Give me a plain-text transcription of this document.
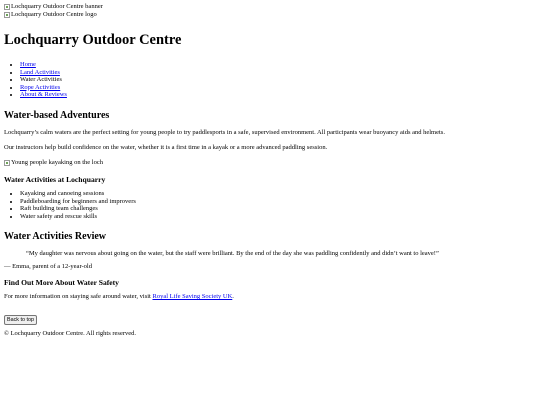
Lochquarry Outdoor Centre banner
Lochquarry Outdoor Centre logo
Lochquarry Outdoor Centre
• Home
• Land Activities
• Water Activities
• Rope Activities
• About & Reviews
Water-based Adventures

Lochquarry’s calm waters are the perfect setting for young people to try paddlesports in a safe, supervised environment. All participants wear buoyancy aids and helmets.

Our instructors help build confidence on the water, whether it is a first time in a kayak or a more advanced paddling session.

Young people kayaking on the loch
Water Activities at Lochquarry
• Kayaking and canoeing sessions
• Paddleboarding for beginners and improvers
• Raft building team challenges
• Water safety and rescue skills
Water Activities Review
“My daughter was nervous about going on the water, but the staff were brilliant. By the end of the day she was paddling confidently and didn’t want to leave!”

— Emma, parent of a 12-year-old

Find Out More About Water Safety

For more information on staying safe around water, visit Royal Life Saving Society UK.

Back to top

© Lochquarry Outdoor Centre. All rights reserved.
